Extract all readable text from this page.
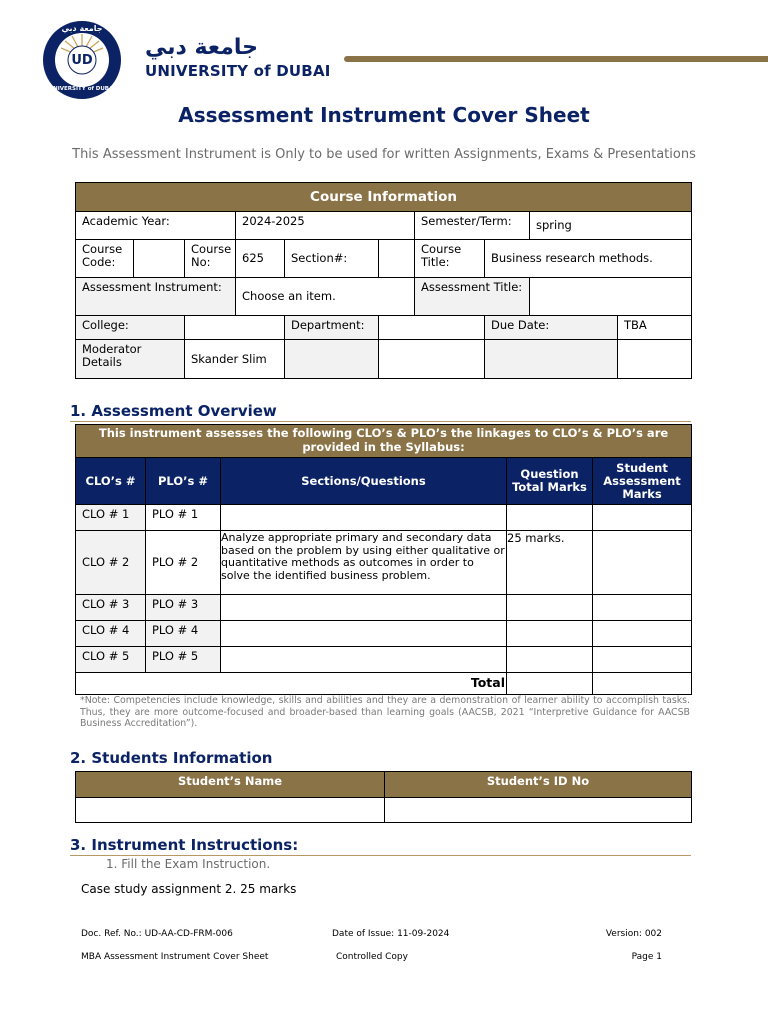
UD
جامعة دبي
UNIVERSITY of DUBAI
جامعة دبي
UNIVERSITY of DUBAI
Assessment Instrument Cover Sheet
This Assessment Instrument is Only to be used for written Assignments, Exams & Presentations
Course Information									
Academic Year:			2024-2025			Semester/Term:		spring	
Course Code:		Course No:	625	Section#:		Course Title:	Business research methods.		
Assessment Instrument:			Choose an item.			Assessment Title:			
College:				Department:			Due Date:		TBA
Moderator Details		Skander Slim							
1. Assessment Overview
This instrument assesses the following CLO’s & PLO’s the linkages to CLO’s & PLO’s are provided in the Syllabus:				
CLO’s #	PLO’s #	Sections/Questions	Question Total Marks	Student Assessment Marks
CLO # 1	PLO # 1			
CLO # 2	PLO # 2	Analyze appropriate primary and secondary data based on the problem by using either qualitative or quantitative methods as outcomes in order to solve the identified business problem.	25 marks.	
CLO # 3	PLO # 3			
CLO # 4	PLO # 4			
CLO # 5	PLO # 5			
Total				
*Note: Competencies include knowledge, skills and abilities and they are a demonstration of learner ability to accomplish tasks. Thus, they are more outcome-focused and broader-based than learning goals (AACSB, 2021 “Interpretive Guidance for AACSB Business Accreditation”).
2. Students Information
Student’s Name	Student’s ID No

3. Instrument Instructions:
1. Fill the Exam Instruction.
Case study assignment 2. 25 marks
Doc. Ref. No.: UD-AA-CD-FRM-006	Date of Issue: 11-09-2024	Version: 002
MBA Assessment Instrument Cover Sheet	Controlled Copy	Page 1
